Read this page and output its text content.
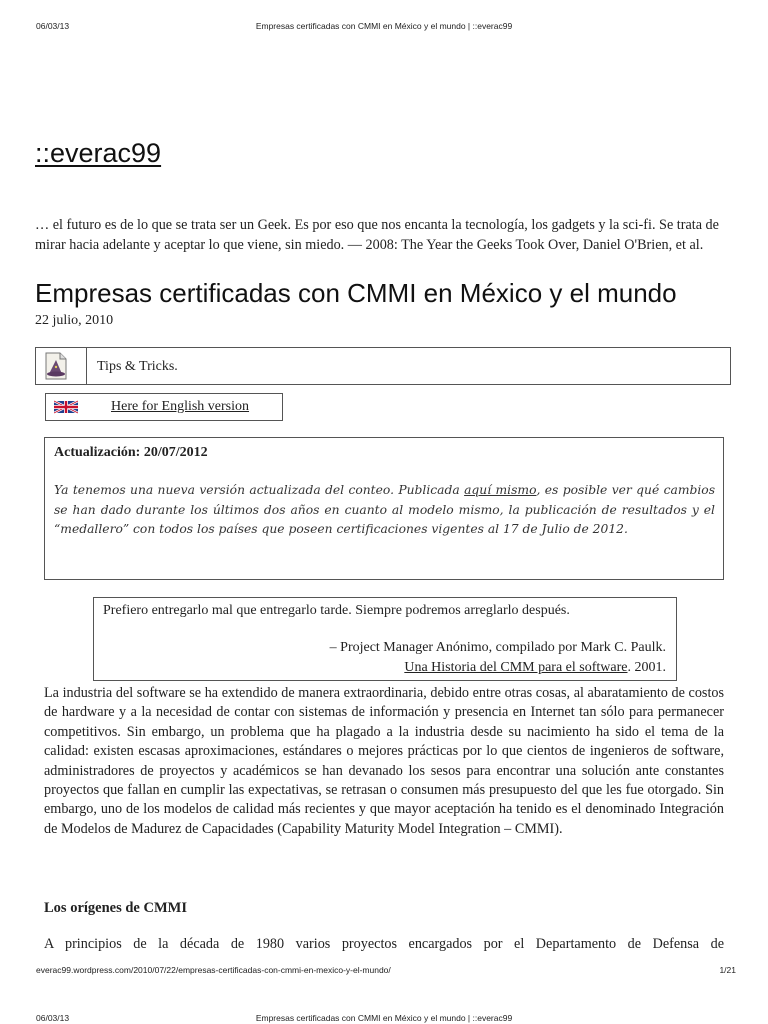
06/03/13	Empresas certificadas con CMMI en México y el mundo | ::everac99
::everac99
… el futuro es de lo que se trata ser un Geek. Es por eso que nos encanta la tecnología, los gadgets y la sci-fi. Se trata de mirar hacia adelante y aceptar lo que viene, sin miedo. — 2008: The Year the Geeks Took Over, Daniel O'Brien, et al.
Empresas certificadas con CMMI en México y el mundo
22 julio, 2010
Tips & Tricks.
Here for English version
Actualización: 20/07/2012
Ya tenemos una nueva versión actualizada del conteo. Publicada aquí mismo, es posible ver qué cambios se han dado durante los últimos dos años en cuanto al modelo mismo, la publicación de resultados y el “medallero” con todos los países que poseen certificaciones vigentes al 17 de Julio de 2012.
Prefiero entregarlo mal que entregarlo tarde. Siempre podremos arreglarlo después.
– Project Manager Anónimo, compilado por Mark C. Paulk.
Una Historia del CMM para el software. 2001.
La industria del software se ha extendido de manera extraordinaria, debido entre otras cosas, al abaratamiento de costos de hardware y a la necesidad de contar con sistemas de información y presencia en Internet tan sólo para permanecer competitivos. Sin embargo, un problema que ha plagado a la industria desde su nacimiento ha sido el tema de la calidad: existen escasas aproximaciones, estándares o mejores prácticas por lo que cientos de ingenieros de software, administradores de proyectos y académicos se han devanado los sesos para encontrar una solución ante constantes proyectos que fallan en cumplir las expectativas, se retrasan o consumen más presupuesto del que les fue otorgado. Sin embargo, uno de los modelos de calidad más recientes y que mayor aceptación ha tenido es el denominado Integración de Modelos de Madurez de Capacidades (Capability Maturity Model Integration – CMMI).
Los orígenes de CMMI
A principios de la década de 1980 varios proyectos encargados por el Departamento de Defensa de
everac99.wordpress.com/2010/07/22/empresas-certificadas-con-cmmi-en-mexico-y-el-mundo/	1/21
06/03/13	Empresas certificadas con CMMI en México y el mundo | ::everac99
